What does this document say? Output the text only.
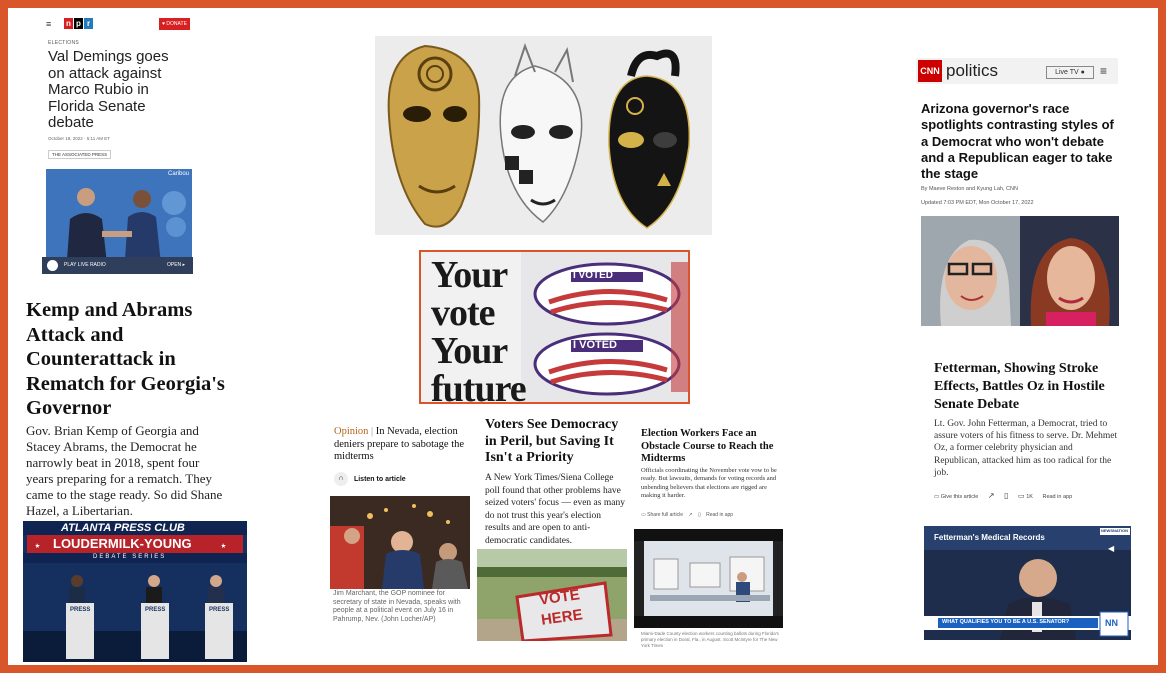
≡ n p r	♥ DONATE
ELECTIONS
Val Demings goes on attack against Marco Rubio in Florida Senate debate
October 19, 2022 · 5:11 AM ET
THE ASSOCIATED PRESS
Caribou
PLAY LIVE RADIO	OPEN ▸
Kemp and Abrams Attack and Counterattack in Rematch for Georgia's Governor
Gov. Brian Kemp of Georgia and Stacey Abrams, the Democrat he narrowly beat in 2018, spent four years preparing for a rematch. They came to the stage ready. So did Shane Hazel, a Libertarian.
ATLANTA PRESS CLUB
LOUDERMILK-YOUNG
DEBATE SERIES
PRESS	PRESS	PRESS
I VOTED
I VOTED
Your
vote
Your
future
Opinion | In Nevada, election deniers prepare to sabotage the midterms
∩ Listen to article
Jim Marchant, the GOP nominee for secretary of state in Nevada, speaks with people at a political event on July 16 in Pahrump, Nev. (John Locher/AP)
Voters See Democracy in Peril, but Saving It Isn't a Priority
A New York Times/Siena College poll found that other problems have seized voters' focus — even as many do not trust this year's election results and are open to anti-democratic candidates.
VOTE
HERE
Election Workers Face an Obstacle Course to Reach the Midterms
Officials coordinating the November vote vow to be ready. But lawsuits, demands for voting records and unbending believers that elections are rigged are making it harder.
▭ Share full article ↗ ▯ Read in app
Miami-Dade County election workers counting ballots during Florida's primary election in Doral, Fla., in August. Scott McIntyre for The New York Times
CNN politics	Live TV ●	≡
Arizona governor's race spotlights contrasting styles of a Democrat who won't debate and a Republican eager to take the stage
By Maeve Reston and Kyung Lah, CNN
Updated 7:03 PM EDT, Mon October 17, 2022
Fetterman, Showing Stroke Effects, Battles Oz in Hostile Senate Debate
Lt. Gov. John Fetterman, a Democrat, tried to assure voters of his fitness to serve. Dr. Mehmet Oz, a former celebrity physician and Republican, attacked him as too radical for the job.
▭ Give this article ↗ ▯ ▭ 1K Read in app
Fetterman's Medical Records
NEWSNATION
◀
WHAT QUALIFIES YOU TO BE A U.S. SENATOR?	NN
